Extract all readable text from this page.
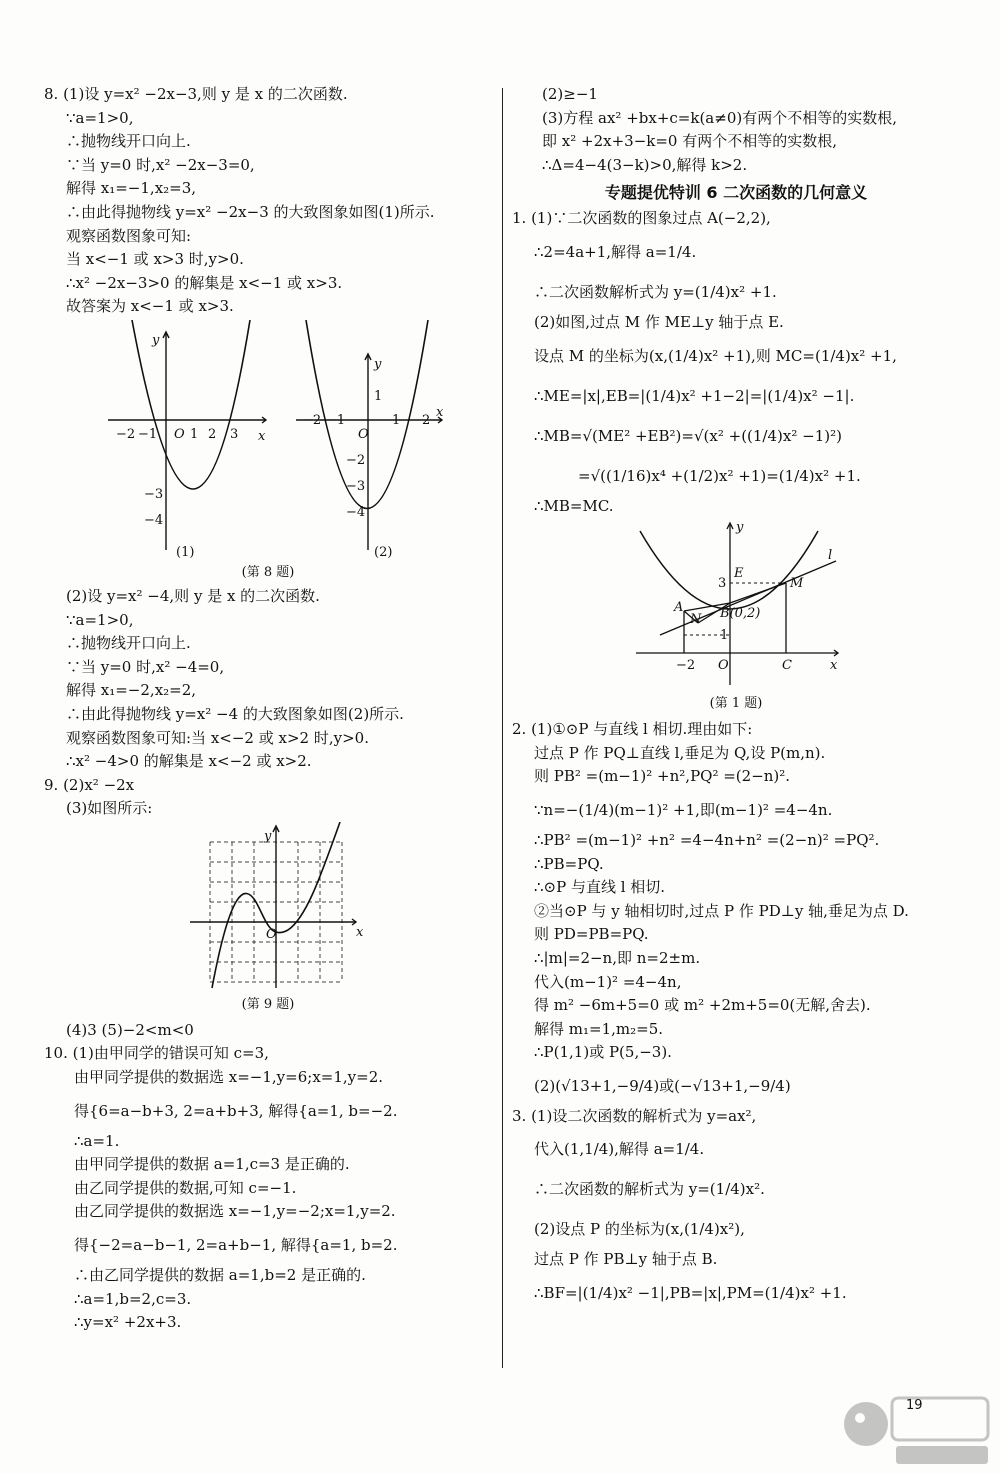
8. (1)设 y=x² −2x−3,则 y 是 x 的二次函数.

∵a=1>0,

∴抛物线开口向上.

∵当 y=0 时,x² −2x−3=0,

解得 x₁=−1,x₂=3,

∴由此得抛物线 y=x² −2x−3 的大致图象如图(1)所示.

观察函数图象可知:

当 x<−1 或 x>3 时,y>0.

∴x² −2x−3>0 的解集是 x<−1 或 x>3.

故答案为 x<−1 或 x>3.

y
x
O
−2 −1	1 2 3
−3
−4
(1)
y
x
O
−2 −1	1 2
1
−2
−3
−4
(2)
(第 8 题)

(2)设 y=x² −4,则 y 是 x 的二次函数.

∵a=1>0,

∴抛物线开口向上.

∵当 y=0 时,x² −4=0,

解得 x₁=−2,x₂=2,

∴由此得抛物线 y=x² −4 的大致图象如图(2)所示.

观察函数图象可知:当 x<−2 或 x>2 时,y>0.

∴x² −4>0 的解集是 x<−2 或 x>2.

9. (2)x² −2x

(3)如图所示:

y
x
O
(第 9 题)

(4)3 (5)−2<m<0

10. (1)由甲同学的错误可知 c=3,

由甲同学提供的数据选 x=−1,y=6;x=1,y=2.

得{6=a−b+3, 2=a+b+3, 解得{a=1, b=−2.

∴a=1.

由甲同学提供的数据 a=1,c=3 是正确的.

由乙同学提供的数据,可知 c=−1.

由乙同学提供的数据选 x=−1,y=−2;x=1,y=2.

得{−2=a−b−1, 2=a+b−1, 解得{a=1, b=2.

∴由乙同学提供的数据 a=1,b=2 是正确的.

∴a=1,b=2,c=3.

∴y=x² +2x+3.

(2)≥−1

(3)方程 ax² +bx+c=k(a≠0)有两个不相等的实数根,

即 x² +2x+3−k=0 有两个不相等的实数根,

∴Δ=4−4(3−k)>0,解得 k>2.

专题提优特训 6 二次函数的几何意义

1. (1)∵二次函数的图象过点 A(−2,2),

∴2=4a+1,解得 a=1/4.

∴二次函数解析式为 y=(1/4)x² +1.

(2)如图,过点 M 作 ME⊥y 轴于点 E.

设点 M 的坐标为(x,(1/4)x² +1),则 MC=(1/4)x² +1,

∴ME=|x|,EB=|(1/4)x² +1−2|=|(1/4)x² −1|.

∴MB=√(ME² +EB²)=√(x² +((1/4)x² −1)²)

=√((1/16)x⁴ +(1/2)x² +1)=(1/4)x² +1.

∴MB=MC.

y
l
E
M
A
N B(0,2)
3
1
−2 O	C	x
(第 1 题)

2. (1)①⊙P 与直线 l 相切.理由如下:

过点 P 作 PQ⊥直线 l,垂足为 Q,设 P(m,n).

则 PB² =(m−1)² +n²,PQ² =(2−n)².

∵n=−(1/4)(m−1)² +1,即(m−1)² =4−4n.

∴PB² =(m−1)² +n² =4−4n+n² =(2−n)² =PQ².

∴PB=PQ.

∴⊙P 与直线 l 相切.

②当⊙P 与 y 轴相切时,过点 P 作 PD⊥y 轴,垂足为点 D.

则 PD=PB=PQ.

∴|m|=2−n,即 n=2±m.

代入(m−1)² =4−4n,

得 m² −6m+5=0 或 m² +2m+5=0(无解,舍去).

解得 m₁=1,m₂=5.

∴P(1,1)或 P(5,−3).

(2)(√13+1,−9/4)或(−√13+1,−9/4)

3. (1)设二次函数的解析式为 y=ax²,

代入(1,1/4),解得 a=1/4.

∴二次函数的解析式为 y=(1/4)x².

(2)设点 P 的坐标为(x,(1/4)x²),

过点 P 作 PB⊥y 轴于点 B.

∴BF=|(1/4)x² −1|,PB=|x|,PM=(1/4)x² +1.

19
